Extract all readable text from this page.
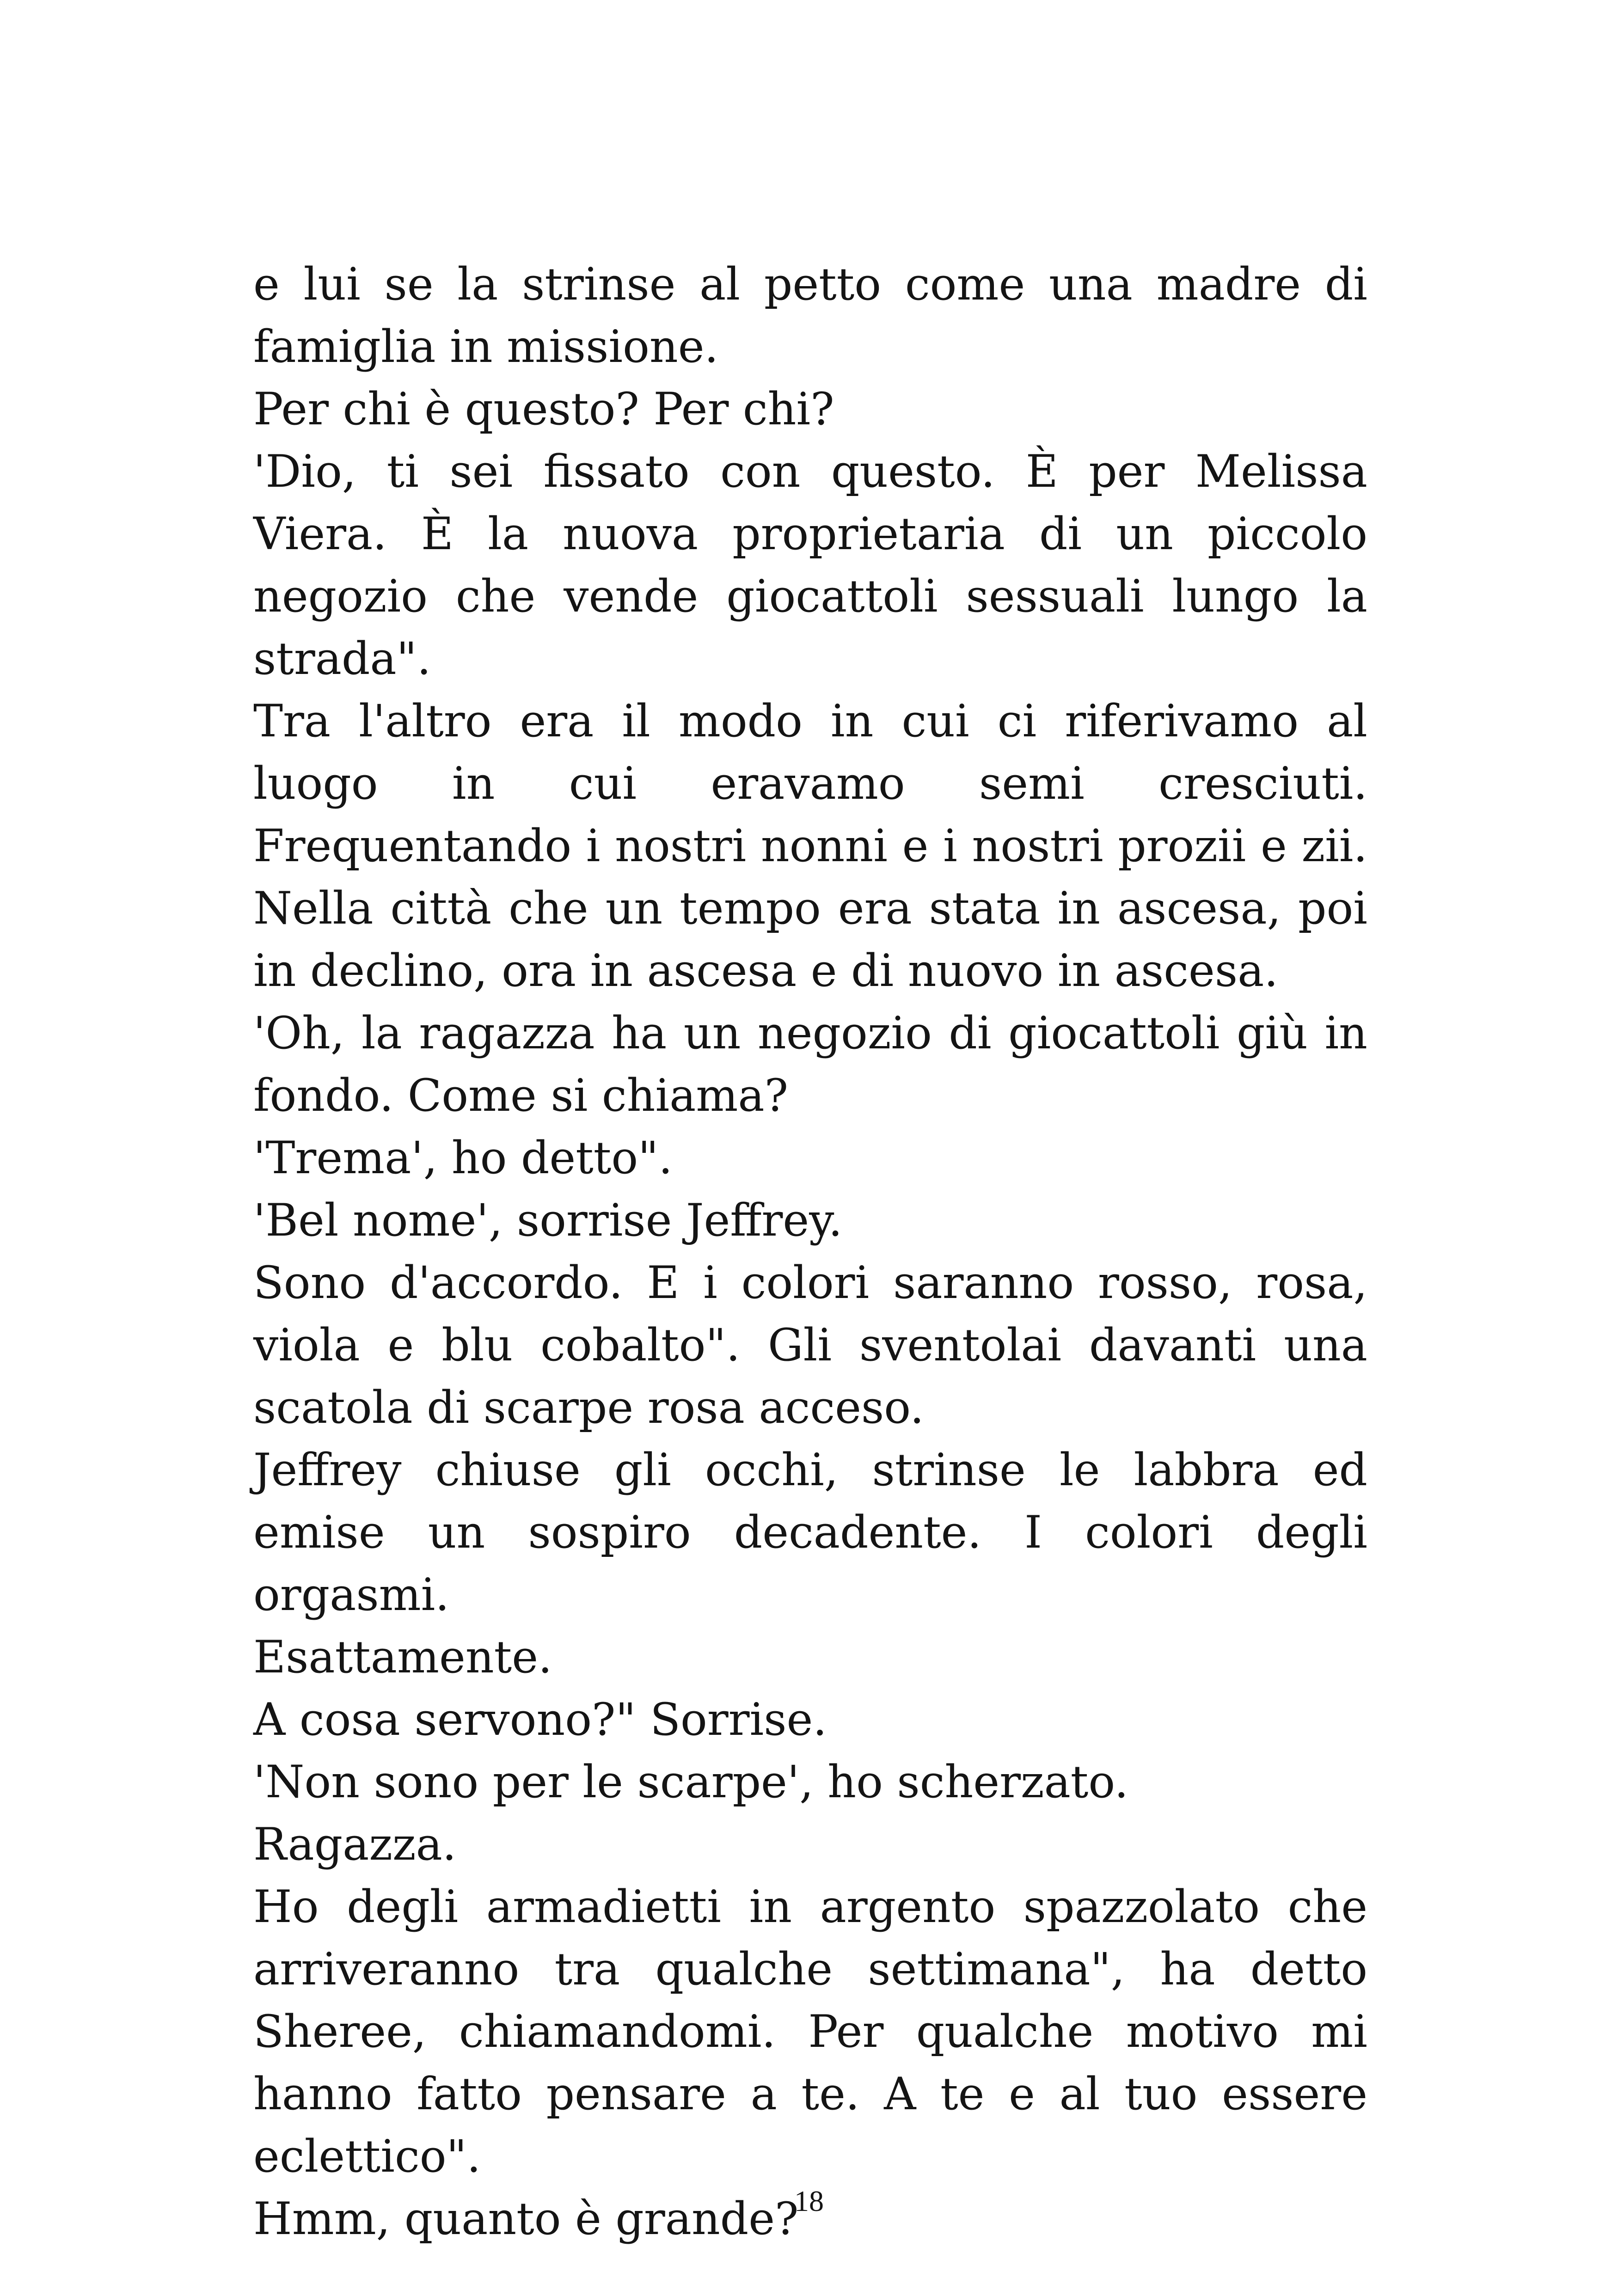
e lui se la strinse al petto come una madre di famiglia in missione.

Per chi è questo? Per chi?

'Dio, ti sei fissato con questo. È per Melissa Viera. È la nuova proprietaria di un piccolo negozio che vende giocattoli sessuali lungo la strada".

Tra l'altro era il modo in cui ci riferivamo al luogo in cui eravamo semi cresciuti. Frequentando i nostri nonni e i nostri prozii e zii. Nella città che un tempo era stata in ascesa, poi in declino, ora in ascesa e di nuovo in ascesa.

'Oh, la ragazza ha un negozio di giocattoli giù in fondo. Come si chiama?

'Trema', ho detto".

'Bel nome', sorrise Jeffrey.

Sono d'accordo. E i colori saranno rosso, rosa, viola e blu cobalto". Gli sventolai davanti una scatola di scarpe rosa acceso.

Jeffrey chiuse gli occhi, strinse le labbra ed emise un sospiro decadente. I colori degli orgasmi.

Esattamente.

A cosa servono?" Sorrise.

'Non sono per le scarpe', ho scherzato.

Ragazza.

Ho degli armadietti in argento spazzolato che arriveranno tra qualche settimana", ha detto Sheree, chiamandomi. Per qualche motivo mi hanno fatto pensare a te. A te e al tuo essere eclettico".

Hmm, quanto è grande?

18
